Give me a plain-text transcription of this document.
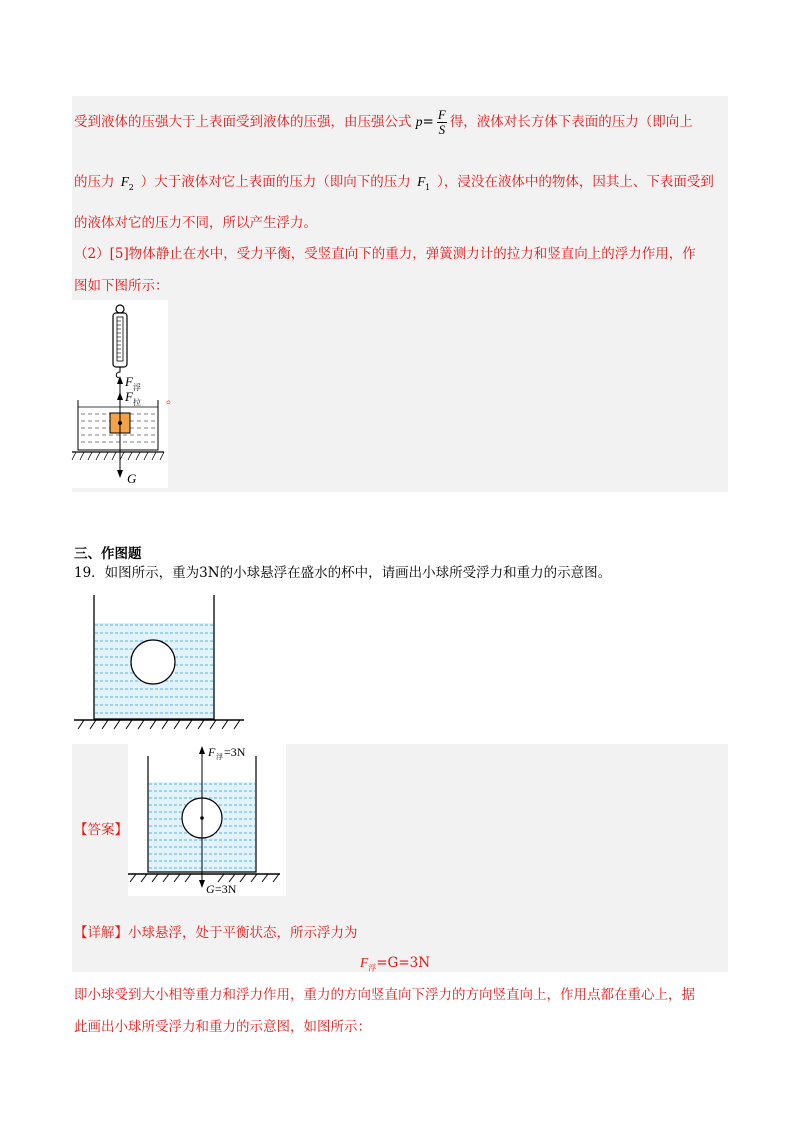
受到液体的压强大于上表面受到液体的压强，由压强公式 $p= \frac{F}{S}$ 得，液体对长方体下表面的压力（即向上
的压力 F 2 ）大于液体对它上表面的压力（即向下的压力 F 1 ），浸没在液体中的物体，因其上、下表面受到
的液体对它的压力不同，所以产生浮力。
（2）[5]物体静止在水中，受力平衡，受竖直向下的重力，弹簧测力计的拉力和竖直向上的浮力作用，作
图如下图所示：
F 浮
F 拉
G
。
三、作图题
19．如图所示，重为3N的小球悬浮在盛水的杯中，请画出小球所受浮力和重力的示意图。
【答案】
F 浮 =3N
G =3N
【详解】小球悬浮，处于平衡状态，所示浮力为
$F_浮=G=3N$
即小球受到大小相等重力和浮力作用，重力的方向竖直向下浮力的方向竖直向上，作用点都在重心上，据
此画出小球所受浮力和重力的示意图，如图所示：
